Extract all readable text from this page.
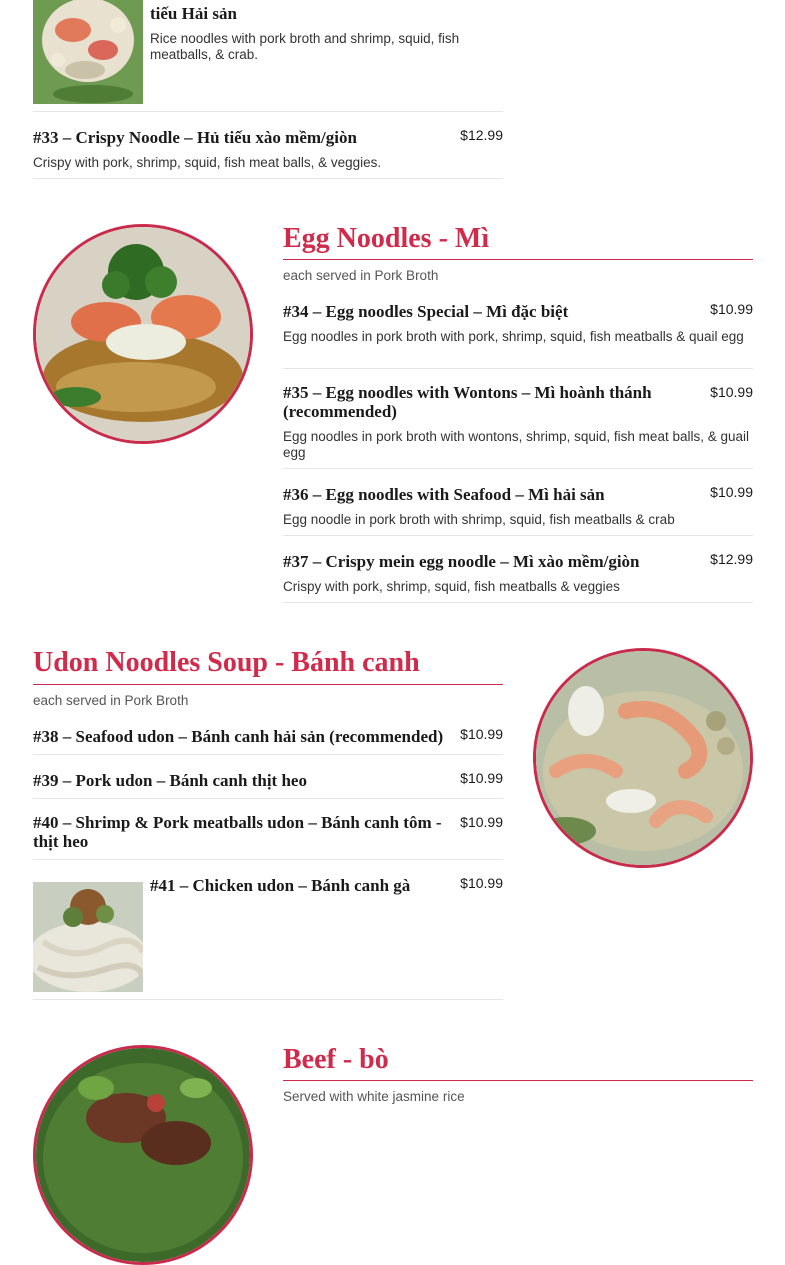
tiếu Hải sản
Rice noodles with pork broth and shrimp, squid, fish meatballs, & crab.
#33 – Crispy Noodle – Hủ tiếu xào mềm/giòn	$12.99
Crispy with pork, shrimp, squid, fish meat balls, & veggies.
Egg Noodles - Mì
each served in Pork Broth
#34 – Egg noodles Special – Mì đặc biệt	$10.99
Egg noodles in pork broth with pork, shrimp, squid, fish meatballs & quail egg
#35 – Egg noodles with Wontons – Mì hoành thánh (recommended)
$10.99
Egg noodles in pork broth with wontons, shrimp, squid, fish meat balls, & guail egg
#36 – Egg noodles with Seafood – Mì hải sản	$10.99
Egg noodle in pork broth with shrimp, squid, fish meatballs & crab
#37 – Crispy mein egg noodle – Mì xào mềm/giòn	$12.99
Crispy with pork, shrimp, squid, fish meatballs & veggies
Udon Noodles Soup - Bánh canh
each served in Pork Broth
#38 – Seafood udon – Bánh canh hải sản (recommended)	$10.99
#39 – Pork udon – Bánh canh thịt heo	$10.99
#40 – Shrimp & Pork meatballs udon – Bánh canh tôm - thịt heo
$10.99
#41 – Chicken udon – Bánh canh gà	$10.99
Beef - bò
Served with white jasmine rice
